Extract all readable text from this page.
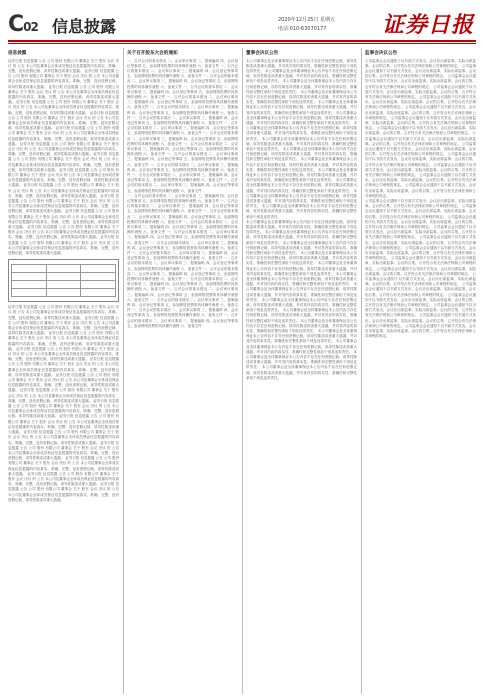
C02 信息披露	2020年12月25日 星期五
电话:010-63070177	证券日报
信息披露
证券日报 信息披露 公告 公司 股份 有限公司 董事会 关于 股东 会议 决议 的 公告 本公司及董事会全体成员保证信息披露的内容真实、准确、完整，没有虚假记载、误导性陈述或重大遗漏。 证券日报 信息披露 公告 公司 股份 有限公司 董事会 关于 股东 会议 决议 的 公告 本公司及董事会全体成员保证信息披露的内容真实、准确、完整，没有虚假记载、误导性陈述或重大遗漏。 证券日报 信息披露 公告 公司 股份 有限公司 董事会 关于 股东 会议 决议 的 公告 本公司及董事会全体成员保证信息披露的内容真实、准确、完整，没有虚假记载、误导性陈述或重大遗漏。 证券日报 信息披露 公告 公司 股份 有限公司 董事会 关于 股东 会议 决议 的 公告 本公司及董事会全体成员保证信息披露的内容真实、准确、完整，没有虚假记载、误导性陈述或重大遗漏。 证券日报 信息披露 公告 公司 股份 有限公司 董事会 关于 股东 会议 决议 的 公告 本公司及董事会全体成员保证信息披露的内容真实、准确、完整，没有虚假记载、误导性陈述或重大遗漏。 证券日报 信息披露 公告 公司 股份 有限公司 董事会 关于 股东 会议 决议 的 公告 本公司及董事会全体成员保证信息披露的内容真实、准确、完整，没有虚假记载、误导性陈述或重大遗漏。 证券日报 信息披露 公告 公司 股份 有限公司 董事会 关于 股东 会议 决议 的 公告 本公司及董事会全体成员保证信息披露的内容真实、准确、完整，没有虚假记载、误导性陈述或重大遗漏。 证券日报 信息披露 公告 公司 股份 有限公司 董事会 关于 股东 会议 决议 的 公告 本公司及董事会全体成员保证信息披露的内容真实、准确、完整，没有虚假记载、误导性陈述或重大遗漏。 证券日报 信息披露 公告 公司 股份 有限公司 董事会 关于 股东 会议 决议 的 公告 本公司及董事会全体成员保证信息披露的内容真实、准确、完整，没有虚假记载、误导性陈述或重大遗漏。 证券日报 信息披露 公告 公司 股份 有限公司 董事会 关于 股东 会议 决议 的 公告 本公司及董事会全体成员保证信息披露的内容真实、准确、完整，没有虚假记载、误导性陈述或重大遗漏。 证券日报 信息披露 公告 公司 股份 有限公司 董事会 关于 股东 会议 决议 的 公告 本公司及董事会全体成员保证信息披露的内容真实、准确、完整，没有虚假记载、误导性陈述或重大遗漏。 证券日报 信息披露 公告 公司 股份 有限公司 董事会 关于 股东 会议 决议 的 公告 本公司及董事会全体成员保证信息披露的内容真实、准确、完整，没有虚假记载、误导性陈述或重大遗漏。 证券日报 信息披露 公告 公司 股份 有限公司 董事会 关于 股东 会议 决议 的 公告 本公司及董事会全体成员保证信息披露的内容真实、准确、完整，没有虚假记载、误导性陈述或重大遗漏。 证券日报 信息披露 公告 公司 股份 有限公司 董事会 关于 股东 会议 决议 的 公告 本公司及董事会全体成员保证信息披露的内容真实、准确、完整，没有虚假记载、误导性陈述或重大遗漏。

证券日报 信息披露 公告 公司 股份 有限公司 董事会 关于 股东 会议 决议 的 公告 本公司及董事会全体成员保证信息披露的内容真实、准确、完整，没有虚假记载、误导性陈述或重大遗漏。 证券日报 信息披露 公告 公司 股份 有限公司 董事会 关于 股东 会议 决议 的 公告 本公司及董事会全体成员保证信息披露的内容真实、准确、完整，没有虚假记载、误导性陈述或重大遗漏。 证券日报 信息披露 公告 公司 股份 有限公司 董事会 关于 股东 会议 决议 的 公告 本公司及董事会全体成员保证信息披露的内容真实、准确、完整，没有虚假记载、误导性陈述或重大遗漏。 证券日报 信息披露 公告 公司 股份 有限公司 董事会 关于 股东 会议 决议 的 公告 本公司及董事会全体成员保证信息披露的内容真实、准确、完整，没有虚假记载、误导性陈述或重大遗漏。 证券日报 信息披露 公告 公司 股份 有限公司 董事会 关于 股东 会议 决议 的 公告 本公司及董事会全体成员保证信息披露的内容真实、准确、完整，没有虚假记载、误导性陈述或重大遗漏。 证券日报 信息披露 公告 公司 股份 有限公司 董事会 关于 股东 会议 决议 的 公告 本公司及董事会全体成员保证信息披露的内容真实、准确、完整，没有虚假记载、误导性陈述或重大遗漏。 证券日报 信息披露 公告 公司 股份 有限公司 董事会 关于 股东 会议 决议 的 公告 本公司及董事会全体成员保证信息披露的内容真实、准确、完整，没有虚假记载、误导性陈述或重大遗漏。 证券日报 信息披露 公告 公司 股份 有限公司 董事会 关于 股东 会议 决议 的 公告 本公司及董事会全体成员保证信息披露的内容真实、准确、完整，没有虚假记载、误导性陈述或重大遗漏。 证券日报 信息披露 公告 公司 股份 有限公司 董事会 关于 股东 会议 决议 的 公告 本公司及董事会全体成员保证信息披露的内容真实、准确、完整，没有虚假记载、误导性陈述或重大遗漏。 证券日报 信息披露 公告 公司 股份 有限公司 董事会 关于 股东 会议 决议 的 公告 本公司及董事会全体成员保证信息披露的内容真实、准确、完整，没有虚假记载、误导性陈述或重大遗漏。 证券日报 信息披露 公告 公司 股份 有限公司 董事会 关于 股东 会议 决议 的 公告 本公司及董事会全体成员保证信息披露的内容真实、准确、完整，没有虚假记载、误导性陈述或重大遗漏。 证券日报 信息披露 公告 公司 股份 有限公司 董事会 关于 股东 会议 决议 的 公告 本公司及董事会全体成员保证信息披露的内容真实、准确、完整，没有虚假记载、误导性陈述或重大遗漏。 证券日报 信息披露 公告 公司 股份 有限公司 董事会 关于 股东 会议 决议 的 公告 本公司及董事会全体成员保证信息披露的内容真实、准确、完整，没有虚假记载、误导性陈述或重大遗漏。 证券日报 信息披露 公告 公司 股份 有限公司 董事会 关于 股东 会议 决议 的 公告 本公司及董事会全体成员保证信息披露的内容真实、准确、完整，没有虚假记载、误导性陈述或重大遗漏。
关于召开股东大会的通知
一、召开会议的基本情况 二、会议审议事项 三、提案编码 四、会议登记等事项 五、参加网络投票的具体操作流程 六、备查文件 一、召开会议的基本情况 二、会议审议事项 三、提案编码 四、会议登记等事项 五、参加网络投票的具体操作流程 六、备查文件 一、召开会议的基本情况 二、会议审议事项 三、提案编码 四、会议登记等事项 五、参加网络投票的具体操作流程 六、备查文件 一、召开会议的基本情况 二、会议审议事项 三、提案编码 四、会议登记等事项 五、参加网络投票的具体操作流程 六、备查文件 一、召开会议的基本情况 二、会议审议事项 三、提案编码 四、会议登记等事项 五、参加网络投票的具体操作流程 六、备查文件 一、召开会议的基本情况 二、会议审议事项 三、提案编码 四、会议登记等事项 五、参加网络投票的具体操作流程 六、备查文件 一、召开会议的基本情况 二、会议审议事项 三、提案编码 四、会议登记等事项 五、参加网络投票的具体操作流程 六、备查文件 一、召开会议的基本情况 二、会议审议事项 三、提案编码 四、会议登记等事项 五、参加网络投票的具体操作流程 六、备查文件 一、召开会议的基本情况 二、会议审议事项 三、提案编码 四、会议登记等事项 五、参加网络投票的具体操作流程 六、备查文件 一、召开会议的基本情况 二、会议审议事项 三、提案编码 四、会议登记等事项 五、参加网络投票的具体操作流程 六、备查文件 一、召开会议的基本情况 二、会议审议事项 三、提案编码 四、会议登记等事项 五、参加网络投票的具体操作流程 六、备查文件 一、召开会议的基本情况 二、会议审议事项 三、提案编码 四、会议登记等事项 五、参加网络投票的具体操作流程 六、备查文件 一、召开会议的基本情况 二、会议审议事项 三、提案编码 四、会议登记等事项 五、参加网络投票的具体操作流程 六、备查文件 一、召开会议的基本情况 二、会议审议事项 三、提案编码 四、会议登记等事项 五、参加网络投票的具体操作流程 六、备查文件
一、召开会议的基本情况 二、会议审议事项 三、提案编码 四、会议登记等事项 五、参加网络投票的具体操作流程 六、备查文件 一、召开会议的基本情况 二、会议审议事项 三、提案编码 四、会议登记等事项 五、参加网络投票的具体操作流程 六、备查文件 一、召开会议的基本情况 二、会议审议事项 三、提案编码 四、会议登记等事项 五、参加网络投票的具体操作流程 六、备查文件 一、召开会议的基本情况 二、会议审议事项 三、提案编码 四、会议登记等事项 五、参加网络投票的具体操作流程 六、备查文件 一、召开会议的基本情况 二、会议审议事项 三、提案编码 四、会议登记等事项 五、参加网络投票的具体操作流程 六、备查文件 一、召开会议的基本情况 二、会议审议事项 三、提案编码 四、会议登记等事项 五、参加网络投票的具体操作流程 六、备查文件 一、召开会议的基本情况 二、会议审议事项 三、提案编码 四、会议登记等事项 五、参加网络投票的具体操作流程 六、备查文件 一、召开会议的基本情况 二、会议审议事项 三、提案编码 四、会议登记等事项 五、参加网络投票的具体操作流程 六、备查文件 一、召开会议的基本情况 二、会议审议事项 三、提案编码 四、会议登记等事项 五、参加网络投票的具体操作流程 六、备查文件 一、召开会议的基本情况 二、会议审议事项 三、提案编码 四、会议登记等事项 五、参加网络投票的具体操作流程 六、备查文件 一、召开会议的基本情况 二、会议审议事项 三、提案编码 四、会议登记等事项 五、参加网络投票的具体操作流程 六、备查文件 一、召开会议的基本情况 二、会议审议事项 三、提案编码 四、会议登记等事项 五、参加网络投票的具体操作流程 六、备查文件 一、召开会议的基本情况 二、会议审议事项 三、提案编码 四、会议登记等事项 五、参加网络投票的具体操作流程 六、备查文件 一、召开会议的基本情况 二、会议审议事项 三、提案编码 四、会议登记等事项 五、参加网络投票的具体操作流程 六、备查文件
董事会决议公告
本公司董事会及全体董事保证本公告内容不存在任何虚假记载、误导性陈述或者重大遗漏，并对其内容的真实性、准确性和完整性承担个别及连带责任。 本公司董事会及全体董事保证本公告内容不存在任何虚假记载、误导性陈述或者重大遗漏，并对其内容的真实性、准确性和完整性承担个别及连带责任。 本公司董事会及全体董事保证本公告内容不存在任何虚假记载、误导性陈述或者重大遗漏，并对其内容的真实性、准确性和完整性承担个别及连带责任。 本公司董事会及全体董事保证本公告内容不存在任何虚假记载、误导性陈述或者重大遗漏，并对其内容的真实性、准确性和完整性承担个别及连带责任。 本公司董事会及全体董事保证本公告内容不存在任何虚假记载、误导性陈述或者重大遗漏，并对其内容的真实性、准确性和完整性承担个别及连带责任。 本公司董事会及全体董事保证本公告内容不存在任何虚假记载、误导性陈述或者重大遗漏，并对其内容的真实性、准确性和完整性承担个别及连带责任。 本公司董事会及全体董事保证本公告内容不存在任何虚假记载、误导性陈述或者重大遗漏，并对其内容的真实性、准确性和完整性承担个别及连带责任。 本公司董事会及全体董事保证本公告内容不存在任何虚假记载、误导性陈述或者重大遗漏，并对其内容的真实性、准确性和完整性承担个别及连带责任。 本公司董事会及全体董事保证本公告内容不存在任何虚假记载、误导性陈述或者重大遗漏，并对其内容的真实性、准确性和完整性承担个别及连带责任。 本公司董事会及全体董事保证本公告内容不存在任何虚假记载、误导性陈述或者重大遗漏，并对其内容的真实性、准确性和完整性承担个别及连带责任。 本公司董事会及全体董事保证本公告内容不存在任何虚假记载、误导性陈述或者重大遗漏，并对其内容的真实性、准确性和完整性承担个别及连带责任。 本公司董事会及全体董事保证本公告内容不存在任何虚假记载、误导性陈述或者重大遗漏，并对其内容的真实性、准确性和完整性承担个别及连带责任。 本公司董事会及全体董事保证本公告内容不存在任何虚假记载、误导性陈述或者重大遗漏，并对其内容的真实性、准确性和完整性承担个别及连带责任。 本公司董事会及全体董事保证本公告内容不存在任何虚假记载、误导性陈述或者重大遗漏，并对其内容的真实性、准确性和完整性承担个别及连带责任。
本公司董事会及全体董事保证本公告内容不存在任何虚假记载、误导性陈述或者重大遗漏，并对其内容的真实性、准确性和完整性承担个别及连带责任。 本公司董事会及全体董事保证本公告内容不存在任何虚假记载、误导性陈述或者重大遗漏，并对其内容的真实性、准确性和完整性承担个别及连带责任。 本公司董事会及全体董事保证本公告内容不存在任何虚假记载、误导性陈述或者重大遗漏，并对其内容的真实性、准确性和完整性承担个别及连带责任。 本公司董事会及全体董事保证本公告内容不存在任何虚假记载、误导性陈述或者重大遗漏，并对其内容的真实性、准确性和完整性承担个别及连带责任。 本公司董事会及全体董事保证本公告内容不存在任何虚假记载、误导性陈述或者重大遗漏，并对其内容的真实性、准确性和完整性承担个别及连带责任。 本公司董事会及全体董事保证本公告内容不存在任何虚假记载、误导性陈述或者重大遗漏，并对其内容的真实性、准确性和完整性承担个别及连带责任。 本公司董事会及全体董事保证本公告内容不存在任何虚假记载、误导性陈述或者重大遗漏，并对其内容的真实性、准确性和完整性承担个别及连带责任。 本公司董事会及全体董事保证本公告内容不存在任何虚假记载、误导性陈述或者重大遗漏，并对其内容的真实性、准确性和完整性承担个别及连带责任。 本公司董事会及全体董事保证本公告内容不存在任何虚假记载、误导性陈述或者重大遗漏，并对其内容的真实性、准确性和完整性承担个别及连带责任。 本公司董事会及全体董事保证本公告内容不存在任何虚假记载、误导性陈述或者重大遗漏，并对其内容的真实性、准确性和完整性承担个别及连带责任。 本公司董事会及全体董事保证本公告内容不存在任何虚假记载、误导性陈述或者重大遗漏，并对其内容的真实性、准确性和完整性承担个别及连带责任。 本公司董事会及全体董事保证本公告内容不存在任何虚假记载、误导性陈述或者重大遗漏，并对其内容的真实性、准确性和完整性承担个别及连带责任。 本公司董事会及全体董事保证本公告内容不存在任何虚假记载、误导性陈述或者重大遗漏，并对其内容的真实性、准确性和完整性承担个别及连带责任。 本公司董事会及全体董事保证本公告内容不存在任何虚假记载、误导性陈述或者重大遗漏，并对其内容的真实性、准确性和完整性承担个别及连带责任。
监事会决议公告
公司监事会会议通知于以书面方式发出，会议应出席监事，实际出席监事。会议的召集、召开符合有关法律法规和公司章程的规定。 公司监事会会议通知于以书面方式发出，会议应出席监事，实际出席监事。会议的召集、召开符合有关法律法规和公司章程的规定。 公司监事会会议通知于以书面方式发出，会议应出席监事，实际出席监事。会议的召集、召开符合有关法律法规和公司章程的规定。 公司监事会会议通知于以书面方式发出，会议应出席监事，实际出席监事。会议的召集、召开符合有关法律法规和公司章程的规定。 公司监事会会议通知于以书面方式发出，会议应出席监事，实际出席监事。会议的召集、召开符合有关法律法规和公司章程的规定。 公司监事会会议通知于以书面方式发出，会议应出席监事，实际出席监事。会议的召集、召开符合有关法律法规和公司章程的规定。 公司监事会会议通知于以书面方式发出，会议应出席监事，实际出席监事。会议的召集、召开符合有关法律法规和公司章程的规定。 公司监事会会议通知于以书面方式发出，会议应出席监事，实际出席监事。会议的召集、召开符合有关法律法规和公司章程的规定。 公司监事会会议通知于以书面方式发出，会议应出席监事，实际出席监事。会议的召集、召开符合有关法律法规和公司章程的规定。 公司监事会会议通知于以书面方式发出，会议应出席监事，实际出席监事。会议的召集、召开符合有关法律法规和公司章程的规定。 公司监事会会议通知于以书面方式发出，会议应出席监事，实际出席监事。会议的召集、召开符合有关法律法规和公司章程的规定。 公司监事会会议通知于以书面方式发出，会议应出席监事，实际出席监事。会议的召集、召开符合有关法律法规和公司章程的规定。 公司监事会会议通知于以书面方式发出，会议应出席监事，实际出席监事。会议的召集、召开符合有关法律法规和公司章程的规定。 公司监事会会议通知于以书面方式发出，会议应出席监事，实际出席监事。会议的召集、召开符合有关法律法规和公司章程的规定。
公司监事会会议通知于以书面方式发出，会议应出席监事，实际出席监事。会议的召集、召开符合有关法律法规和公司章程的规定。 公司监事会会议通知于以书面方式发出，会议应出席监事，实际出席监事。会议的召集、召开符合有关法律法规和公司章程的规定。 公司监事会会议通知于以书面方式发出，会议应出席监事，实际出席监事。会议的召集、召开符合有关法律法规和公司章程的规定。 公司监事会会议通知于以书面方式发出，会议应出席监事，实际出席监事。会议的召集、召开符合有关法律法规和公司章程的规定。 公司监事会会议通知于以书面方式发出，会议应出席监事，实际出席监事。会议的召集、召开符合有关法律法规和公司章程的规定。 公司监事会会议通知于以书面方式发出，会议应出席监事，实际出席监事。会议的召集、召开符合有关法律法规和公司章程的规定。 公司监事会会议通知于以书面方式发出，会议应出席监事，实际出席监事。会议的召集、召开符合有关法律法规和公司章程的规定。 公司监事会会议通知于以书面方式发出，会议应出席监事，实际出席监事。会议的召集、召开符合有关法律法规和公司章程的规定。 公司监事会会议通知于以书面方式发出，会议应出席监事，实际出席监事。会议的召集、召开符合有关法律法规和公司章程的规定。 公司监事会会议通知于以书面方式发出，会议应出席监事，实际出席监事。会议的召集、召开符合有关法律法规和公司章程的规定。 公司监事会会议通知于以书面方式发出，会议应出席监事，实际出席监事。会议的召集、召开符合有关法律法规和公司章程的规定。 公司监事会会议通知于以书面方式发出，会议应出席监事，实际出席监事。会议的召集、召开符合有关法律法规和公司章程的规定。 公司监事会会议通知于以书面方式发出，会议应出席监事，实际出席监事。会议的召集、召开符合有关法律法规和公司章程的规定。 公司监事会会议通知于以书面方式发出，会议应出席监事，实际出席监事。会议的召集、召开符合有关法律法规和公司章程的规定。
